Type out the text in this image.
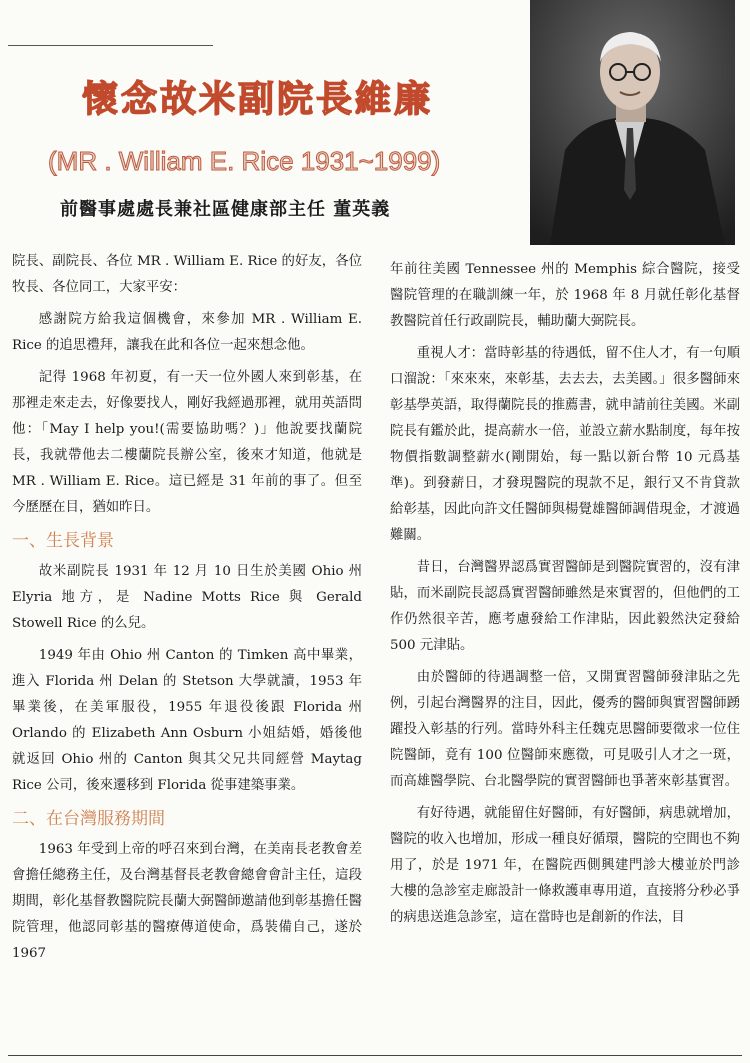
懷念故米副院長維廉
(MR . William E. Rice 1931~1999)
前醫事處處長兼社區健康部主任 董英義

院長、副院長、各位 MR . William E. Rice 的好友，各位牧長、各位同工，大家平安：

感謝院方給我這個機會，來參加 MR . William E. Rice 的追思禮拜，讓我在此和各位一起來想念他。

記得 1968 年初夏，有一天一位外國人來到彰基，在那裡走來走去，好像要找人，剛好我經過那裡，就用英語問他：「May I help you!(需要協助嗎？)」他說要找蘭院長，我就帶他去二樓蘭院長辦公室，後來才知道，他就是 MR . William E. Rice。這已經是 31 年前的事了。但至今歷歷在目，猶如昨日。

一、生長背景

故米副院長 1931 年 12 月 10 日生於美國 Ohio 州 Elyria 地方，是 Nadine Motts Rice 與 Gerald Stowell Rice 的么兒。

1949 年由 Ohio 州 Canton 的 Timken 高中畢業，進入 Florida 州 Delan 的 Stetson 大學就讀，1953 年畢業後，在美軍服役，1955 年退役後跟 Florida 州 Orlando 的 Elizabeth Ann Osburn 小姐結婚，婚後他就返回 Ohio 州的 Canton 與其父兄共同經營 Maytag Rice 公司，後來遷移到 Florida 從事建築事業。

二、在台灣服務期間

1963 年受到上帝的呼召來到台灣，在美南長老教會差會擔任總務主任，及台灣基督長老教會總會會計主任，這段期間，彰化基督教醫院院長蘭大弼醫師邀請他到彰基擔任醫院管理，他認同彰基的醫療傳道使命，爲裝備自己，遂於 1967

年前往美國 Tennessee 州的 Memphis 綜合醫院，接受醫院管理的在職訓練一年，於 1968 年 8 月就任彰化基督教醫院首任行政副院長，輔助蘭大弼院長。

重視人才：當時彰基的待遇低，留不住人才，有一句順口溜說：「來來來，來彰基，去去去，去美國。」很多醫師來彰基學英語，取得蘭院長的推薦書，就申請前往美國。米副院長有鑑於此，提高薪水一倍，並設立薪水點制度，每年按物價指數調整薪水(剛開始，每一點以新台幣 10 元爲基準)。到發薪日，才發現醫院的現款不足，銀行又不肯貸款給彰基，因此向許文任醫師與楊覺雄醫師調借現金，才渡過難關。

昔日，台灣醫界認爲實習醫師是到醫院實習的，沒有津貼，而米副院長認爲實習醫師雖然是來實習的，但他們的工作仍然很辛苦，應考慮發給工作津貼，因此毅然決定發給 500 元津貼。

由於醫師的待遇調整一倍，又開實習醫師發津貼之先例，引起台灣醫界的注目，因此，優秀的醫師與實習醫師踴躍投入彰基的行列。當時外科主任魏克思醫師要徵求一位住院醫師，竟有 100 位醫師來應徵，可見吸引人才之一斑，而高雄醫學院、台北醫學院的實習醫師也爭著來彰基實習。

有好待遇，就能留住好醫師，有好醫師，病患就增加，醫院的收入也增加，形成一種良好循環，醫院的空間也不夠用了，於是 1971 年，在醫院西側興建門診大樓並於門診大樓的急診室走廊設計一條救護車專用道，直接將分秒必爭的病患送進急診室，這在當時也是創新的作法，目
